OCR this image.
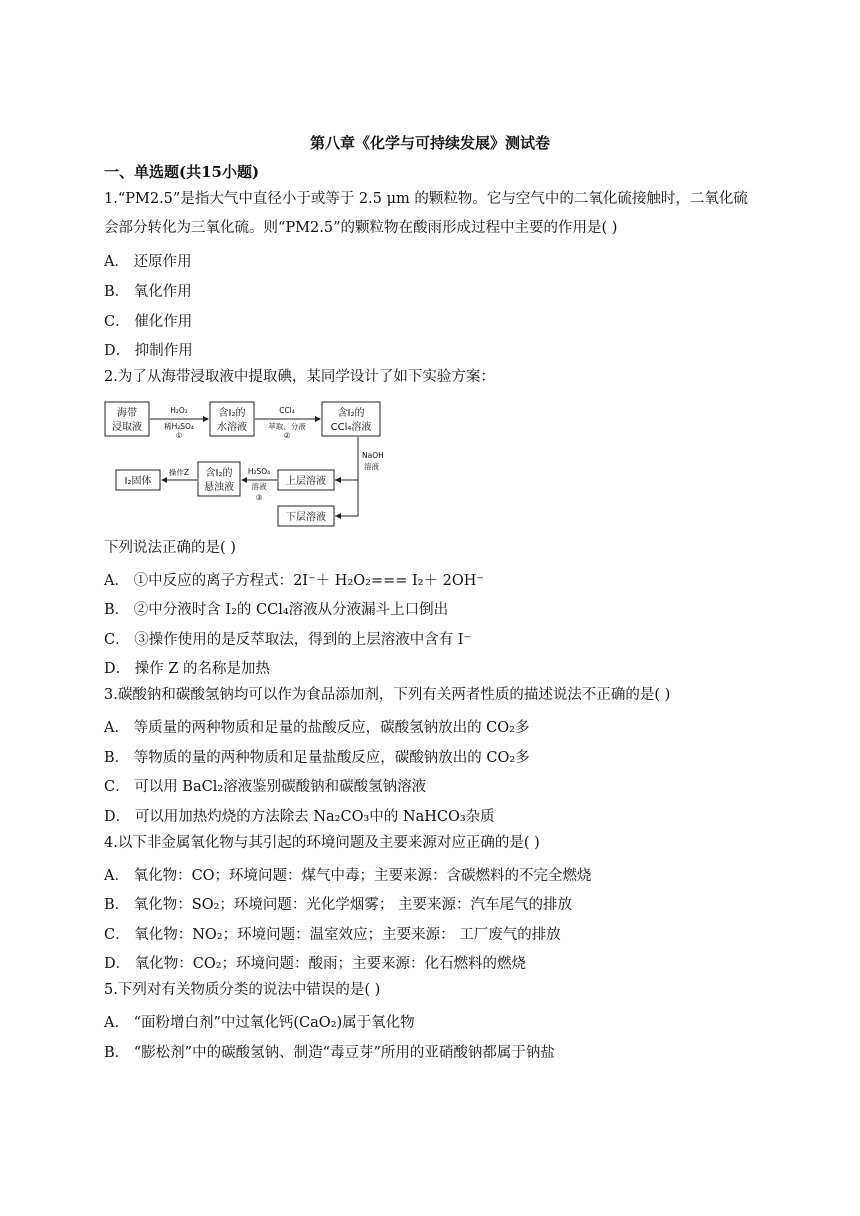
第八章《化学与可持续发展》测试卷
一、单选题(共15小题)
1.“PM2.5”是指大气中直径小于或等于 2.5 μm 的颗粒物。它与空气中的二氧化硫接触时，二氧化硫
会部分转化为三氧化硫。则“PM2.5”的颗粒物在酸雨形成过程中主要的作用是( )
A． 还原作用
B． 氧化作用
C． 催化作用
D． 抑制作用
2.为了从海带浸取液中提取碘，某同学设计了如下实验方案：
海带
浸取液
H₂O₂
稀H₂SO₄
①
含I₂的
水溶液
CCl₄
萃取、分液
②
含I₂的
CCl₄溶液
NaOH
溶液
上层溶液
下层溶液
H₂SO₄
溶液
③
含I₂的
悬浊液
操作Z
I₂固体
下列说法正确的是( )
A． ①中反应的离子方程式：2I⁻＋ H₂O₂=== I₂＋ 2OH⁻
B． ②中分液时含 I₂的 CCl₄溶液从分液漏斗上口倒出
C． ③操作使用的是反萃取法，得到的上层溶液中含有 I⁻
D． 操作 Z 的名称是加热
3.碳酸钠和碳酸氢钠均可以作为食品添加剂，下列有关两者性质的描述说法不正确的是( )
A． 等质量的两种物质和足量的盐酸反应，碳酸氢钠放出的 CO₂多
B． 等物质的量的两种物质和足量盐酸反应，碳酸钠放出的 CO₂多
C． 可以用 BaCl₂溶液鉴别碳酸钠和碳酸氢钠溶液
D． 可以用加热灼烧的方法除去 Na₂CO₃中的 NaHCO₃杂质
4.以下非金属氧化物与其引起的环境问题及主要来源对应正确的是( )
A． 氧化物：CO；环境问题：煤气中毒；主要来源：含碳燃料的不完全燃烧
B． 氧化物：SO₂；环境问题：光化学烟雾； 主要来源：汽车尾气的排放
C． 氧化物：NO₂；环境问题：温室效应；主要来源： 工厂废气的排放
D． 氧化物：CO₂；环境问题：酸雨；主要来源：化石燃料的燃烧
5.下列对有关物质分类的说法中错误的是( )
A． “面粉增白剂”中过氧化钙(CaO₂)属于氧化物
B． “膨松剂”中的碳酸氢钠、制造“毒豆芽”所用的亚硝酸钠都属于钠盐
